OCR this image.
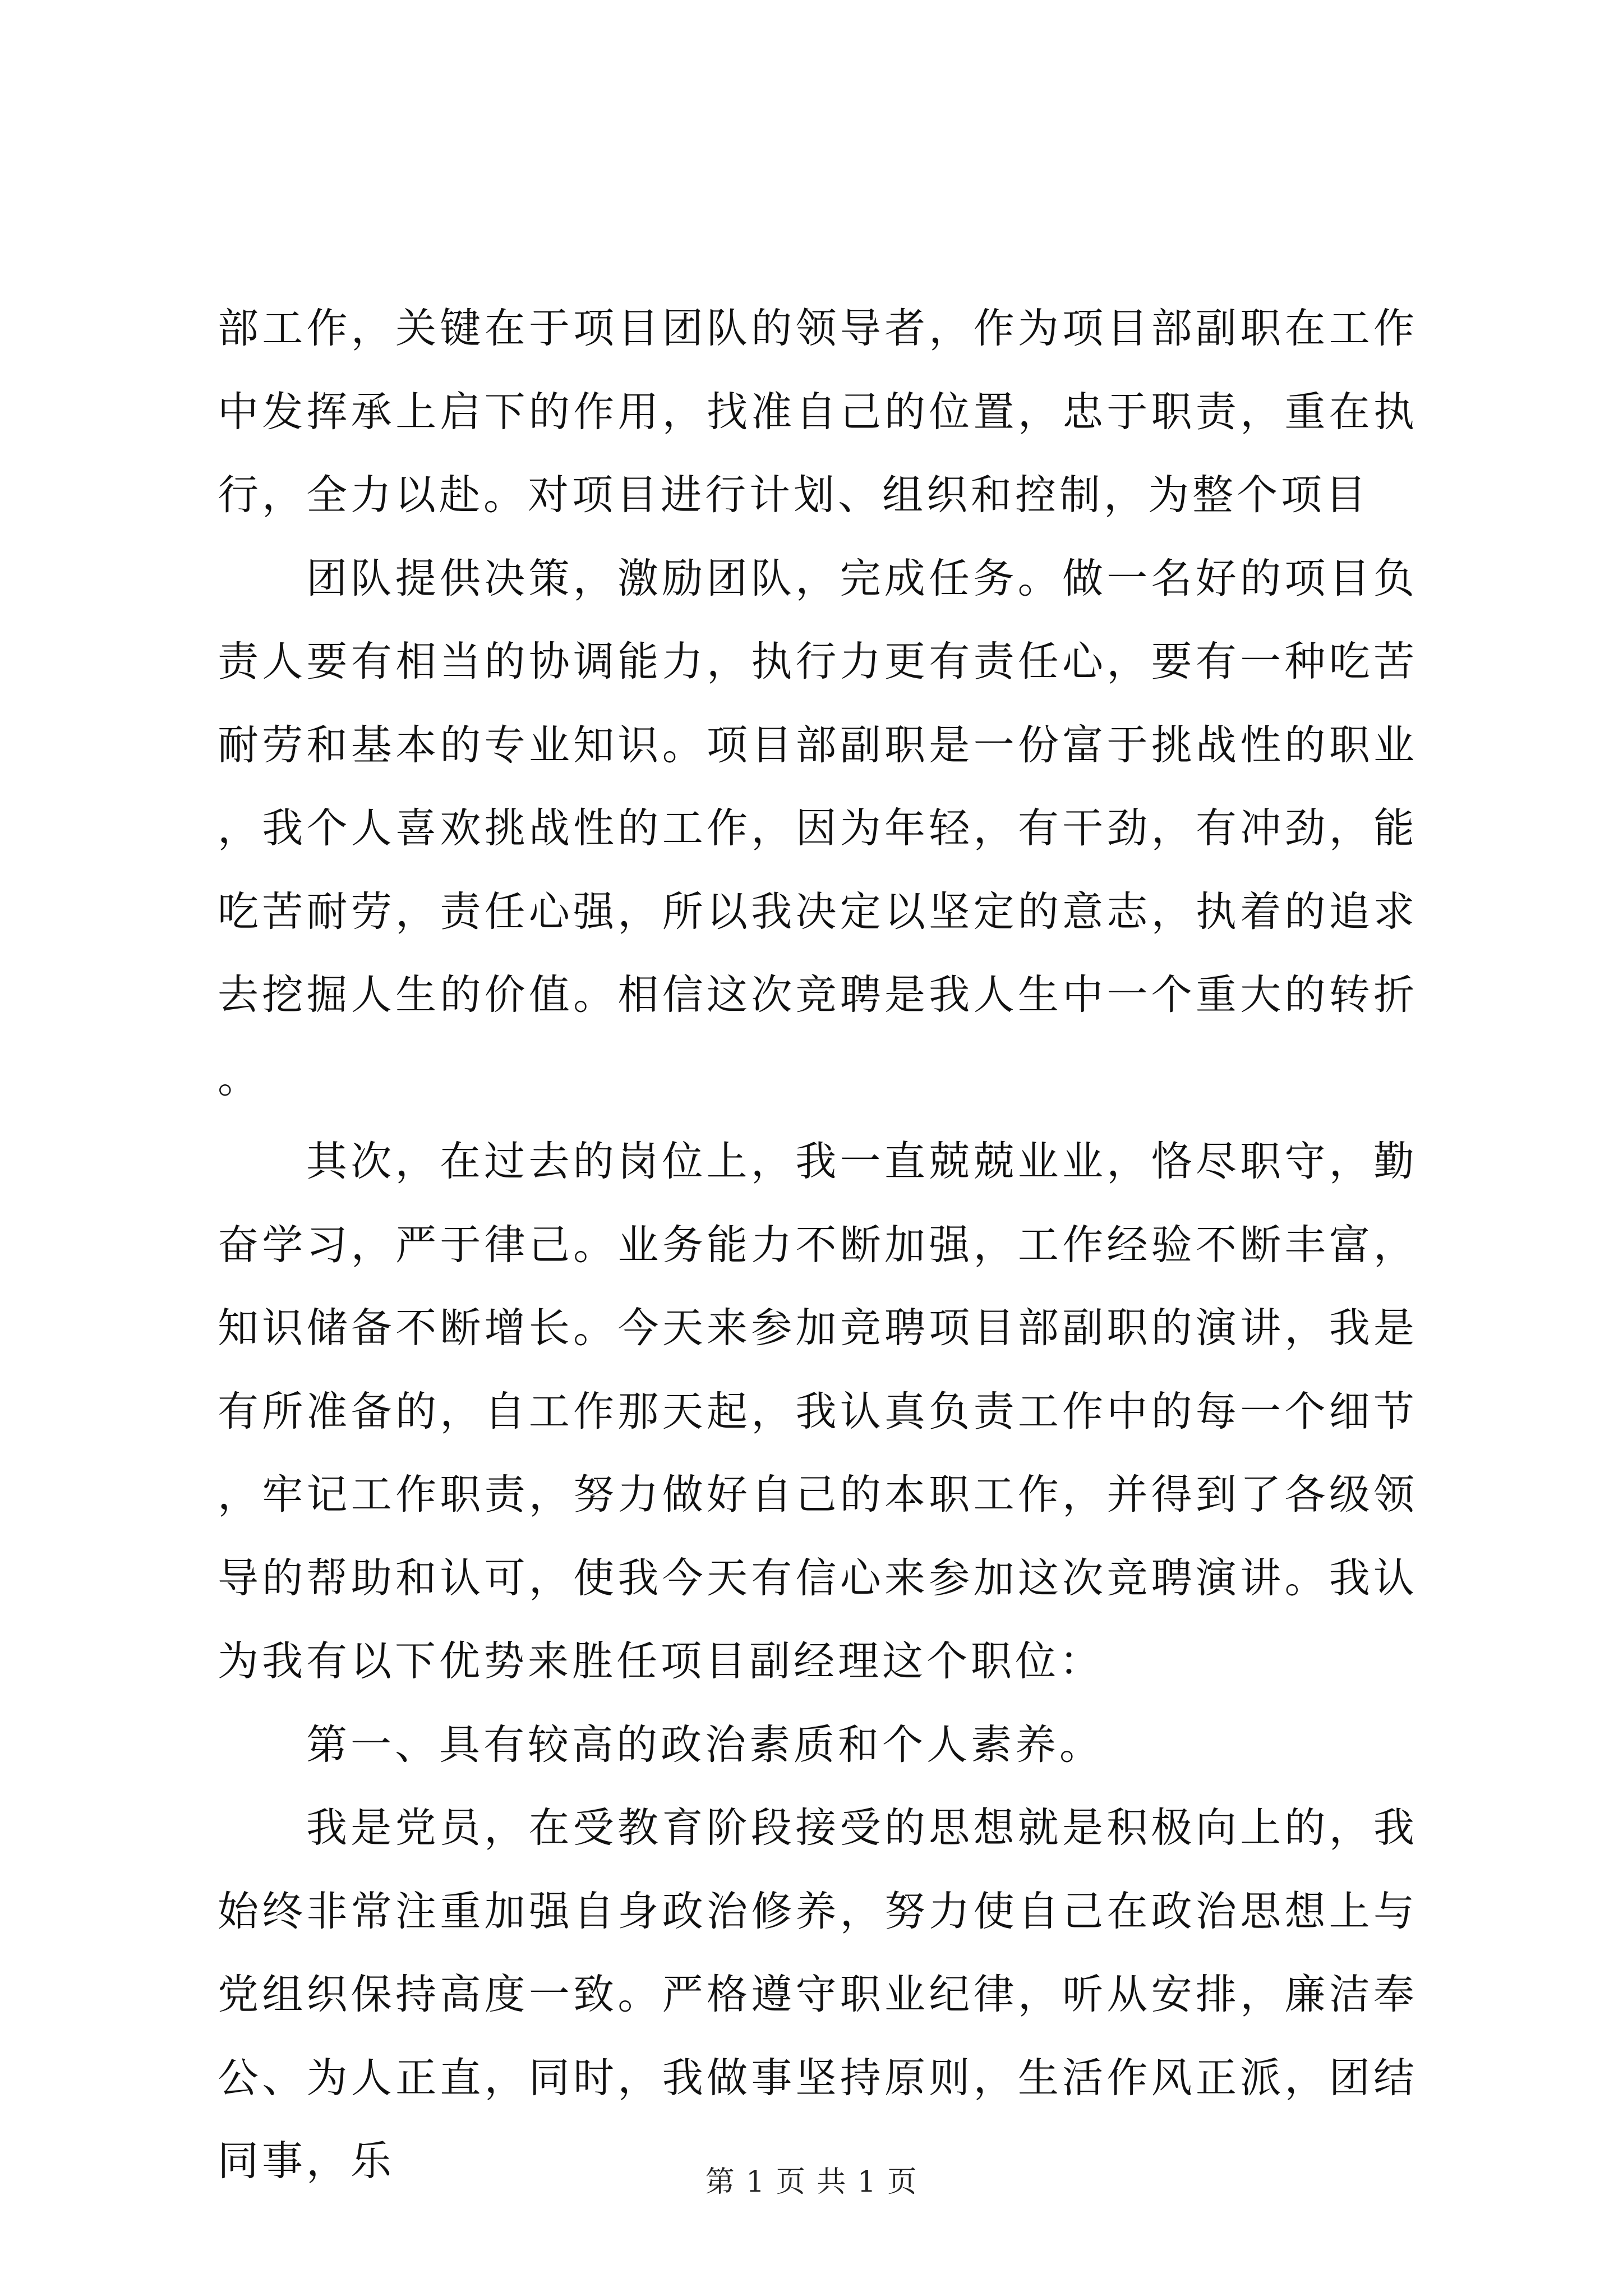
部工作，关键在于项目团队的领导者，作为项目部副职在工作中发挥承上启下的作用，找准自己的位置，忠于职责，重在执行，全力以赴。对项目进行计划、组织和控制，为整个项目

团队提供决策，激励团队，完成任务。做一名好的项目负责人要有相当的协调能力，执行力更有责任心，要有一种吃苦耐劳和基本的专业知识。项目部副职是一份富于挑战性的职业，我个人喜欢挑战性的工作，因为年轻，有干劲，有冲劲，能吃苦耐劳，责任心强，所以我决定以坚定的意志，执着的追求去挖掘人生的价值。相信这次竞聘是我人生中一个重大的转折。

其次，在过去的岗位上，我一直兢兢业业，恪尽职守，勤奋学习，严于律己。业务能力不断加强，工作经验不断丰富，知识储备不断增长。今天来参加竞聘项目部副职的演讲，我是有所准备的，自工作那天起，我认真负责工作中的每一个细节，牢记工作职责，努力做好自己的本职工作，并得到了各级领导的帮助和认可，使我今天有信心来参加这次竞聘演讲。我认为我有以下优势来胜任项目副经理这个职位：

第一、具有较高的政治素质和个人素养。

我是党员，在受教育阶段接受的思想就是积极向上的，我始终非常注重加强自身政治修养，努力使自己在政治思想上与党组织保持高度一致。严格遵守职业纪律，听从安排，廉洁奉公、为人正直，同时，我做事坚持原则，生活作风正派，团结同事，乐	第 1 页 共 1 页
